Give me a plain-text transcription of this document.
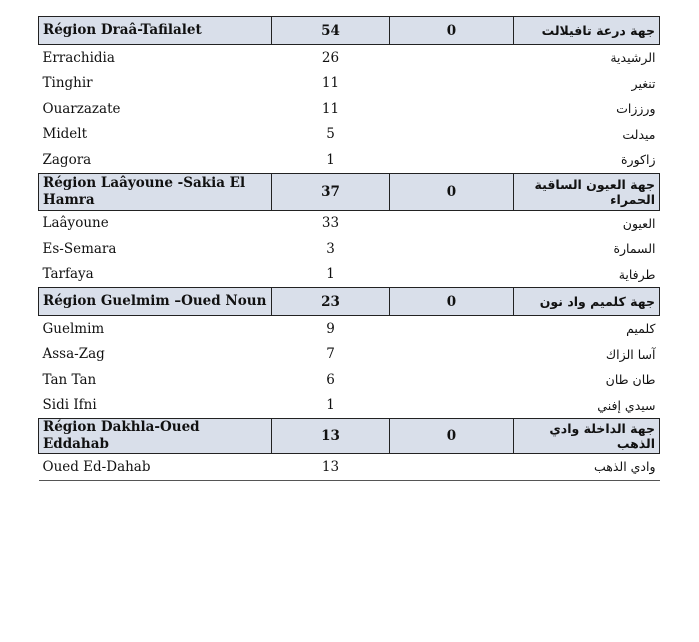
Région Draâ-Tafilalet	54	0	جهة درعة تافيلالت
Errachidia	26		الرشيدية
Tinghir	11		تنغير
Ouarzazate	11		ورززات
Midelt	5		ميدلت
Zagora	1		زاكورة
Région Laâyoune -Sakia El Hamra	37	0	جهة العيون الساقية الحمراء
Laâyoune	33		العيون
Es-Semara	3		السمارة
Tarfaya	1		طرفاية
Région Guelmim –Oued Noun	23	0	جهة كلميم واد نون
Guelmim	9		كلميم
Assa-Zag	7		آسا الزاك
Tan Tan	6		طان طان
Sidi Ifni	1		سيدي إفني
Région Dakhla-Oued Eddahab	13	0	جهة الداخلة وادي الذهب
Oued Ed-Dahab	13		وادي الذهب
